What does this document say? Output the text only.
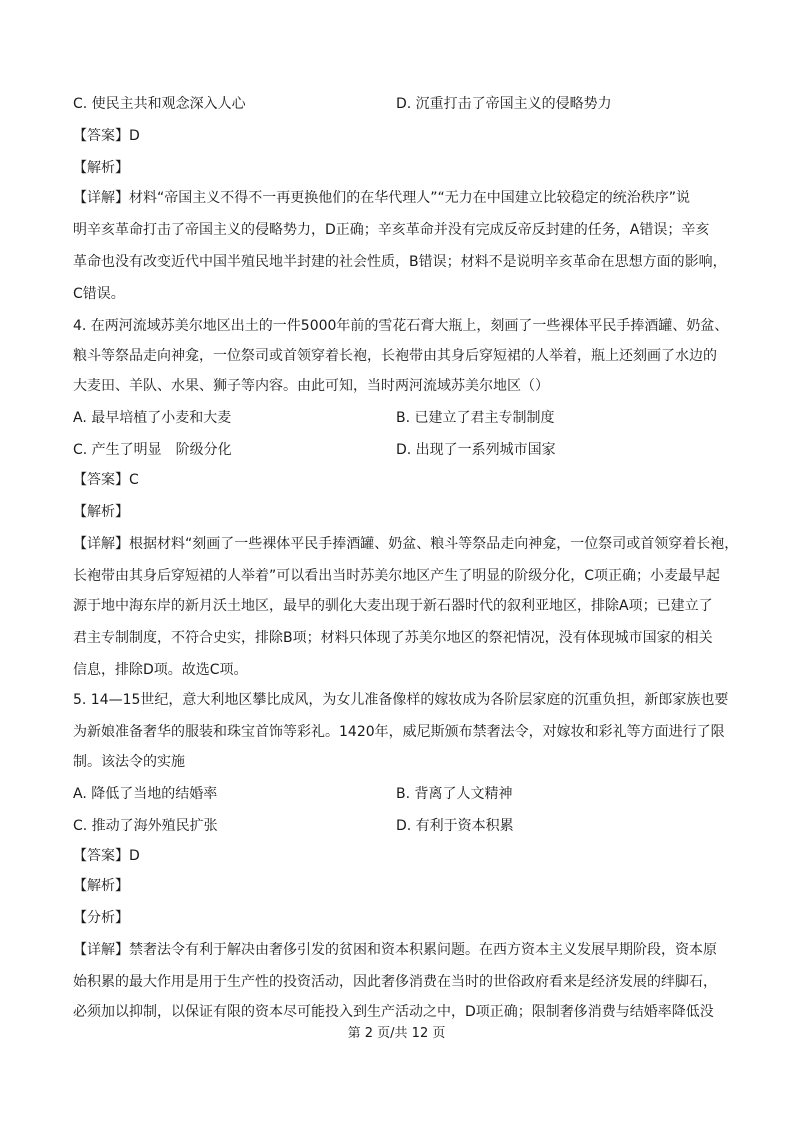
C. 使民主共和观念深入人心	D. 沉重打击了帝国主义的侵略势力
【答案】D
【解析】
【详解】材料“帝国主义不得不一再更换他们的在华代理人”“无力在中国建立比较稳定的统治秩序”说
明辛亥革命打击了帝国主义的侵略势力，D正确；辛亥革命并没有完成反帝反封建的任务，A错误；辛亥
革命也没有改变近代中国半殖民地半封建的社会性质，B错误；材料不是说明辛亥革命在思想方面的影响，
C错误。
4. 在两河流域苏美尔地区出土的一件5000年前的雪花石膏大瓶上，刻画了一些裸体平民手捧酒罐、奶盆、
粮斗等祭品走向神龛，一位祭司或首领穿着长袍，长袍带由其身后穿短裙的人举着，瓶上还刻画了水边的
大麦田、羊队、水果、狮子等内容。由此可知，当时两河流域苏美尔地区（）
A. 最早培植了小麦和大麦	B. 已建立了君主专制制度
C. 产生了明显　阶级分化	D. 出现了一系列城市国家
【答案】C
【解析】
【详解】根据材料“刻画了一些裸体平民手捧酒罐、奶盆、粮斗等祭品走向神龛，一位祭司或首领穿着长袍，
长袍带由其身后穿短裙的人举着”可以看出当时苏美尔地区产生了明显的阶级分化，C项正确；小麦最早起
源于地中海东岸的新月沃土地区，最早的驯化大麦出现于新石器时代的叙利亚地区，排除A项；已建立了
君主专制制度，不符合史实，排除B项；材料只体现了苏美尔地区的祭祀情况，没有体现城市国家的相关
信息，排除D项。故选C项。
5. 14—15世纪，意大利地区攀比成风，为女儿准备像样的嫁妆成为各阶层家庭的沉重负担，新郎家族也要
为新娘准备奢华的服装和珠宝首饰等彩礼。1420年，威尼斯颁布禁奢法令，对嫁妆和彩礼等方面进行了限
制。该法令的实施
A. 降低了当地的结婚率	B. 背离了人文精神
C. 推动了海外殖民扩张	D. 有利于资本积累
【答案】D
【解析】
【分析】
【详解】禁奢法令有利于解决由奢侈引发的贫困和资本积累问题。在西方资本主义发展早期阶段，资本原
始积累的最大作用是用于生产性的投资活动，因此奢侈消费在当时的世俗政府看来是经济发展的绊脚石，
必须加以抑制，以保证有限的资本尽可能投入到生产活动之中，D项正确；限制奢侈消费与结婚率降低没
第 2 页/共 12 页
